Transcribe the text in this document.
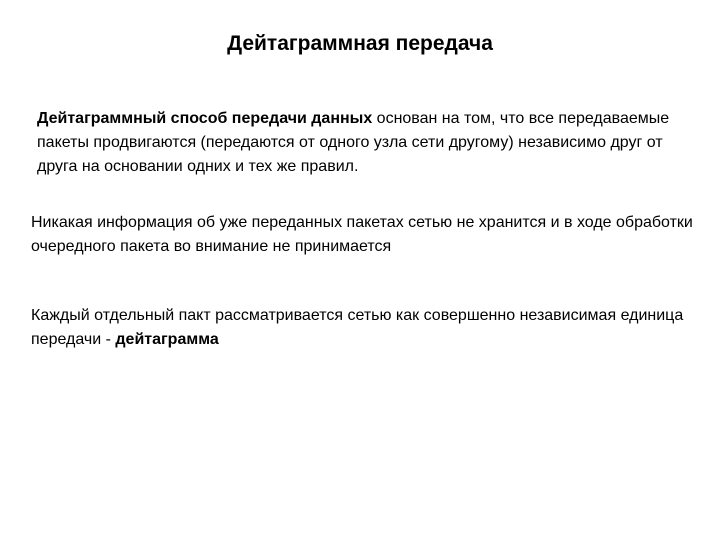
Дейтаграммная передача

Дейтаграммный способ передачи данных основан на том, что все передаваемые пакеты продвигаются (передаются от одного узла сети другому) независимо друг от друга на основании одних и тех же правил.

Никакая информация об уже переданных пакетах сетью не хранится и в ходе обработки очередного пакета во внимание не принимается

Каждый отдельный пакт рассматривается сетью как совершенно независимая единица передачи - дейтаграмма
